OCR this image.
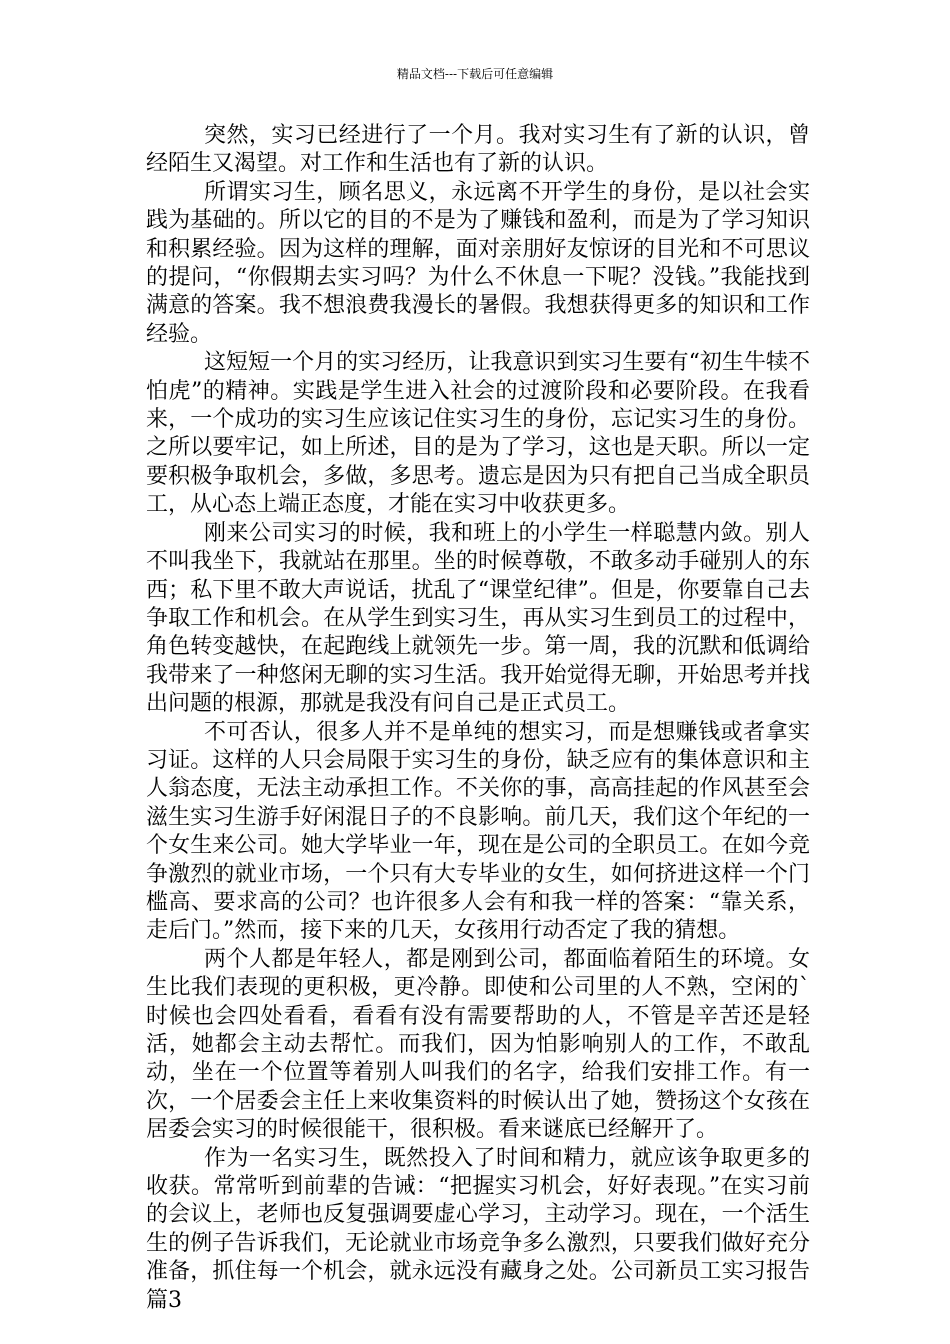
精品文档---下载后可任意编辑

突然，实习已经进行了一个月。我对实习生有了新的认识，曾经陌生又渴望。对工作和生活也有了新的认识。

所谓实习生，顾名思义，永远离不开学生的身份，是以社会实践为基础的。所以它的目的不是为了赚钱和盈利，而是为了学习知识和积累经验。因为这样的理解，面对亲朋好友惊讶的目光和不可思议的提问，“你假期去实习吗？为什么不休息一下呢？没钱。”我能找到满意的答案。我不想浪费我漫长的暑假。我想获得更多的知识和工作经验。

这短短一个月的实习经历，让我意识到实习生要有“初生牛犊不怕虎”的精神。实践是学生进入社会的过渡阶段和必要阶段。在我看来，一个成功的实习生应该记住实习生的身份，忘记实习生的身份。之所以要牢记，如上所述，目的是为了学习，这也是天职。所以一定要积极争取机会，多做，多思考。遗忘是因为只有把自己当成全职员工，从心态上端正态度，才能在实习中收获更多。

刚来公司实习的时候，我和班上的小学生一样聪慧内敛。别人不叫我坐下，我就站在那里。坐的时候尊敬，不敢多动手碰别人的东西；私下里不敢大声说话，扰乱了“课堂纪律”。但是，你要靠自己去争取工作和机会。在从学生到实习生，再从实习生到员工的过程中，角色转变越快，在起跑线上就领先一步。第一周，我的沉默和低调给我带来了一种悠闲无聊的实习生活。我开始觉得无聊，开始思考并找出问题的根源，那就是我没有问自己是正式员工。

不可否认，很多人并不是单纯的想实习，而是想赚钱或者拿实习证。这样的人只会局限于实习生的身份，缺乏应有的集体意识和主人翁态度，无法主动承担工作。不关你的事，高高挂起的作风甚至会滋生实习生游手好闲混日子的不良影响。前几天，我们这个年纪的一个女生来公司。她大学毕业一年，现在是公司的全职员工。在如今竞争激烈的就业市场，一个只有大专毕业的女生，如何挤进这样一个门槛高、要求高的公司？也许很多人会有和我一样的答案：“靠关系，走后门。”然而，接下来的几天，女孩用行动否定了我的猜想。

两个人都是年轻人，都是刚到公司，都面临着陌生的环境。女生比我们表现的更积极，更冷静。即使和公司里的人不熟，空闲的`时候也会四处看看，看看有没有需要帮助的人，不管是辛苦还是轻活，她都会主动去帮忙。而我们，因为怕影响别人的工作，不敢乱动，坐在一个位置等着别人叫我们的名字，给我们安排工作。有一次，一个居委会主任上来收集资料的时候认出了她，赞扬这个女孩在居委会实习的时候很能干，很积极。看来谜底已经解开了。

作为一名实习生，既然投入了时间和精力，就应该争取更多的收获。常常听到前辈的告诫：“把握实习机会，好好表现。”在实习前的会议上，老师也反复强调要虚心学习，主动学习。现在，一个活生生的例子告诉我们，无论就业市场竞争多么激烈，只要我们做好充分准备，抓住每一个机会，就永远没有藏身之处。公司新员工实习报告 篇3
